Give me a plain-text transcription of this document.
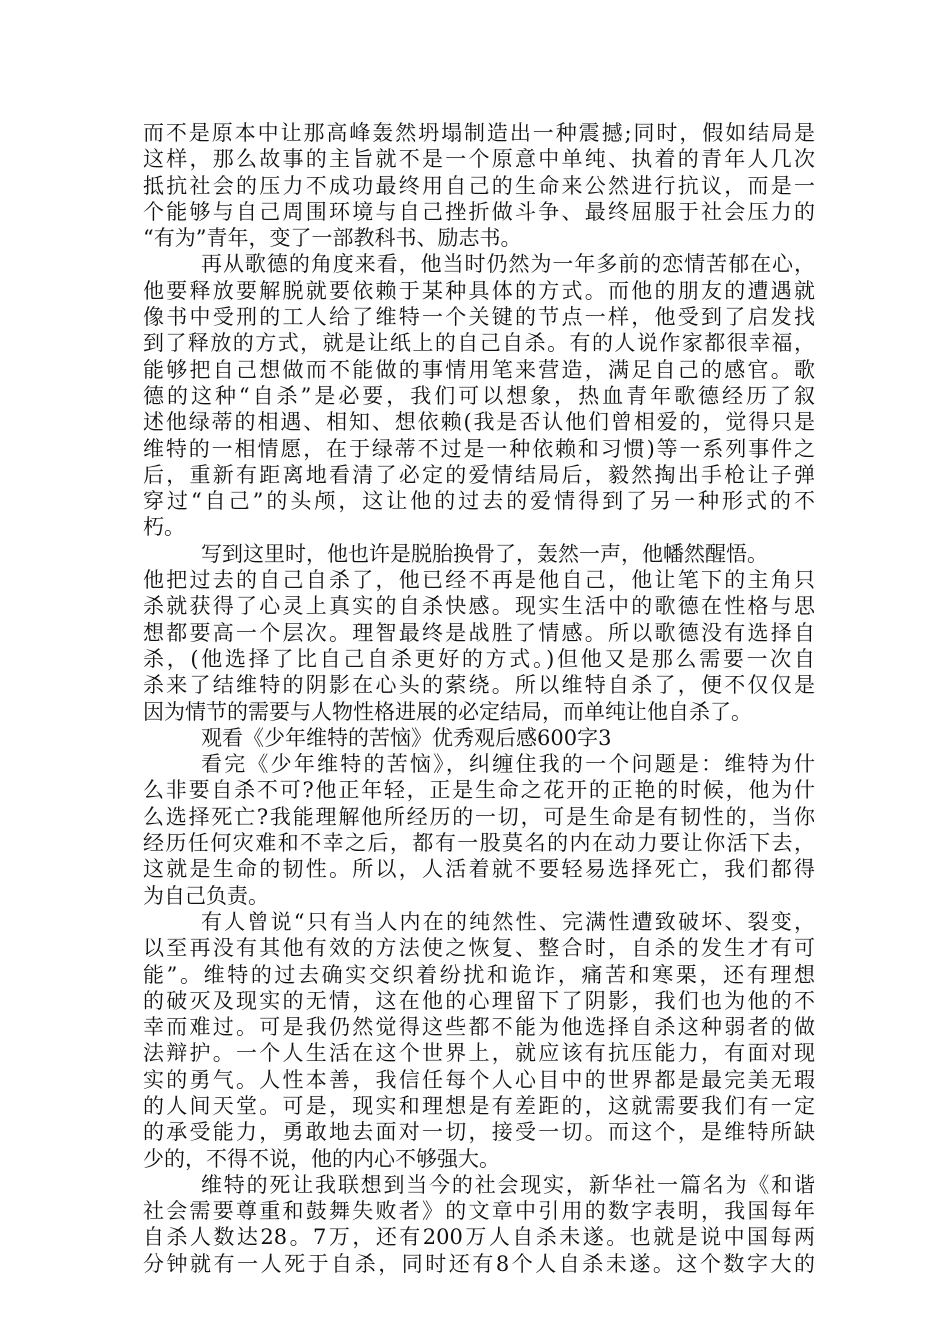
而不是原本中让那高峰轰然坍塌制造出一种震撼;同时，假如结局是
这样，那么故事的主旨就不是一个原意中单纯、执着的青年人几次
抵抗社会的压力不成功最终用自己的生命来公然进行抗议，而是一
个能够与自己周围环境与自己挫折做斗争、最终屈服于社会压力的
“有为”青年，变了一部教科书、励志书。
再从歌德的角度来看，他当时仍然为一年多前的恋情苦郁在心，
他要释放要解脱就要依赖于某种具体的方式。而他的朋友的遭遇就
像书中受刑的工人给了维特一个关键的节点一样，他受到了启发找
到了释放的方式，就是让纸上的自己自杀。有的人说作家都很幸福，
能够把自己想做而不能做的事情用笔来营造，满足自己的感官。歌
德的这种“自杀”是必要，我们可以想象，热血青年歌德经历了叙
述他绿蒂的相遇、相知、想依赖(我是否认他们曾相爱的，觉得只是
维特的一相情愿，在于绿蒂不过是一种依赖和习惯)等一系列事件之
后，重新有距离地看清了必定的爱情结局后，毅然掏出手枪让子弹
穿过“自己”的头颅，这让他的过去的爱情得到了另一种形式的不
朽。
写到这里时，他也许是脱胎换骨了，轰然一声，他幡然醒悟。
他把过去的自己自杀了，他已经不再是他自己，他让笔下的主角只
杀就获得了心灵上真实的自杀快感。现实生活中的歌德在性格与思
想都要高一个层次。理智最终是战胜了情感。所以歌德没有选择自
杀，(他选择了比自己自杀更好的方式。)但他又是那么需要一次自
杀来了结维特的阴影在心头的萦绕。所以维特自杀了，便不仅仅是
因为情节的需要与人物性格进展的必定结局，而单纯让他自杀了。
观看《少年维特的苦恼》优秀观后感600字3
看完《少年维特的苦恼》，纠缠住我的一个问题是：维特为什
么非要自杀不可?他正年轻，正是生命之花开的正艳的时候，他为什
么选择死亡?我能理解他所经历的一切，可是生命是有韧性的，当你
经历任何灾难和不幸之后，都有一股莫名的内在动力要让你活下去，
这就是生命的韧性。所以，人活着就不要轻易选择死亡，我们都得
为自己负责。
有人曾说“只有当人内在的纯然性、完满性遭致破坏、裂变，
以至再没有其他有效的方法使之恢复、整合时，自杀的发生才有可
能”。维特的过去确实交织着纷扰和诡诈，痛苦和寒栗，还有理想
的破灭及现实的无情，这在他的心理留下了阴影，我们也为他的不
幸而难过。可是我仍然觉得这些都不能为他选择自杀这种弱者的做
法辩护。一个人生活在这个世界上，就应该有抗压能力，有面对现
实的勇气。人性本善，我信任每个人心目中的世界都是最完美无瑕
的人间天堂。可是，现实和理想是有差距的，这就需要我们有一定
的承受能力，勇敢地去面对一切，接受一切。而这个，是维特所缺
少的，不得不说，他的内心不够强大。
维特的死让我联想到当今的社会现实，新华社一篇名为《和谐
社会需要尊重和鼓舞失败者》的文章中引用的数字表明，我国每年
自杀人数达28。7万，还有200万人自杀未遂。也就是说中国每两
分钟就有一人死于自杀，同时还有8个人自杀未遂。这个数字大的
